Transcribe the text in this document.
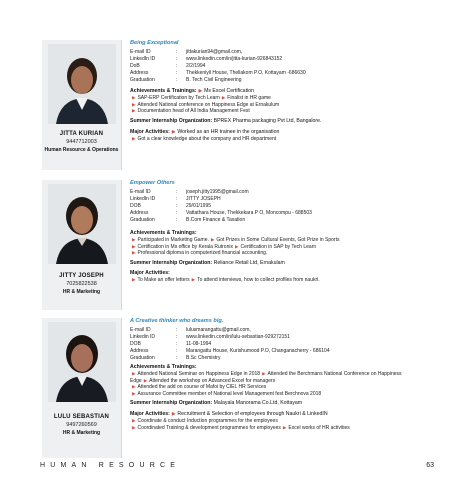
JITTA KURIAN
9447712003
Human Resource & Operations
Being Exceptional
E-mail ID	:	jittakurian94@gmail.com,
LinkedIn ID	:	www.linkedin.com/in/jitta-kurian-926843152
DoB	:	2/2/1994
Address	:	Thekkeniyil House, Thellakom P.O, Kottayam -686630
Graduation	:	B. Tech Civil Engineering
Achievements & Trainings: ▶ Ms Excel Certification
▶ SAP-ERP Certification by Tech Learn ▶ Finalist in HR game
▶ Attended National conference on Happiness Edge at Ernakulum
▶ Documentation head of All India Management Fest
Summer Internship Organization: BPREX Pharma packaging Pvt Ltd, Bangalore.
Major Activities: ▶ Worked as an HR trainee in the organisation
▶ Got a clear knowledge about the company and HR department
JITTY JOSEPH
7025822538
HR & Marketing
Empower Others
E-mail ID	:	joseph.jitty1995@gmail.com
LinkedIn ID	:	JITTY JOSEPH
DOB	:	29/01/1995
Address	:	Vattathara House, Thekkekara P O, Moncompu - 688503
Graduation	:	B.Com Finance & Taxation
Achievements & Trainings:
▶ Participated in Marketing Game. ▶ Got Prizes in Some Cultural Events, Got Prize in Sports
▶ Certification in Ms office by Kerala Rutronix ▶ Certification in SAP by Tech Learn
▶ Professional diploma in computerized financial accounting.
Summer Internship Organization: Reliance Retail Ltd, Ernakulam
Major Activities:
▶ To Make an offer letters ▶ To attend interviews, how to collect profiles from naukri.
LULU SEBASTIAN
9497260569
HR & Marketing
A Creative thinker who dreams big.
E-mail ID	:	lulusmarangattu@gmail.com,
Linkedin ID	:	www.linkedin.com/in/lulu-sebastian-929272151
DOB	:	11-08-1994
Address	:	Marangattu House, Kurishumood P.O, Changanacherry - 686104
Graduation	:	B.Sc Chemistry
Achievements & Trainings:
▶ Attended National Seminar on Happiness Edge in 2018 ▶ Attended the Berchmans National Conference on Happiness Edge ▶ Attended the workshop on Advanced Excel for managers
▶ Attended the add on course of Mafoi by CIEL HR Services
▶ Assurance Committee member of National level Management fest Berchnova 2018
Summer Internship Organization: Malayala Manorama Co.Ltd, Kottayam
Major Activities: ▶ Recruitment & Selection of employees through Naukri & LinkedIN
▶ Coordinate & conduct Induction programmes for the employees
▶ Coordinated Training & development programmes for employees ▶ Excel works of HR activities
HUMAN RESOURCE	63
